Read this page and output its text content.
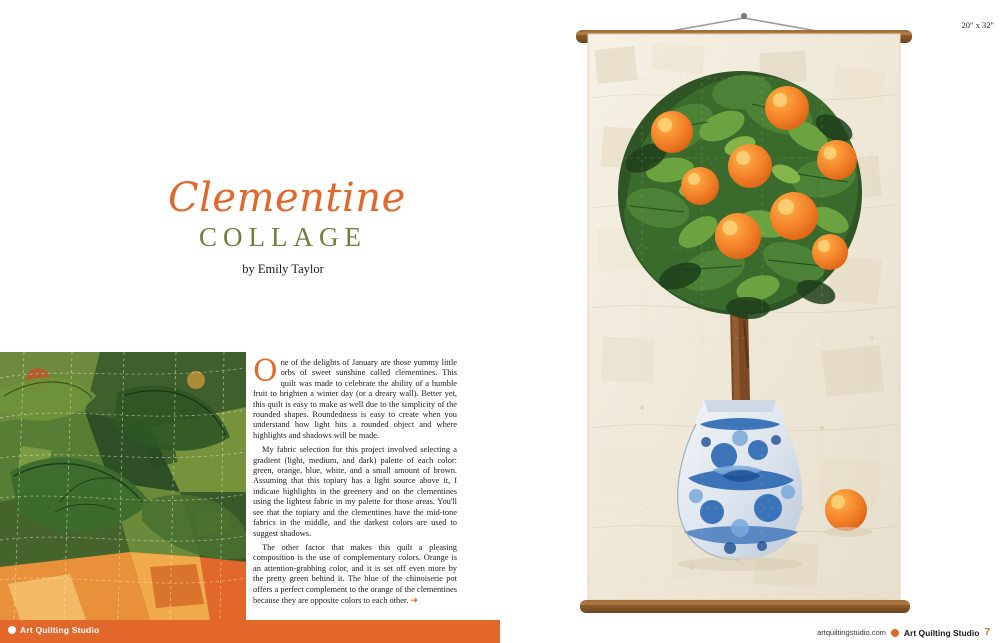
Clementine
COLLAGE
by Emily Taylor

One of the delights of January are those yummy little orbs of sweet sunshine called clementines. This quilt was made to celebrate the ability of a humble fruit to brighten a winter day (or a dreary wall). Better yet, this quilt is easy to make as well due to the simplicity of the rounded shapes. Roundedness is easy to create when you understand how light hits a rounded object and where highlights and shadows will be made.

My fabric selection for this project involved selecting a gradient (light, medium, and dark) palette of each color: green, orange, blue, white, and a small amount of brown. Assuming that this topiary has a light source above it, I indicate highlights in the greenery and on the clementines using the lightest fabric in my palette for those areas. You'll see that the topiary and the clementines have the mid-tone fabrics in the middle, and the darkest colors are used to suggest shadows.

The other factor that makes this quilt a pleasing composition is the use of complementary colors. Orange is an attention-grabbing color, and it is set off even more by the pretty green behind it. The blue of the chinoiserie pot offers a perfect complement to the orange of the clementines because they are opposite colors to each other. ➜

Art Quilting Studio
20" x 32"
artquiltingstudio.com Art Quilting Studio 7
